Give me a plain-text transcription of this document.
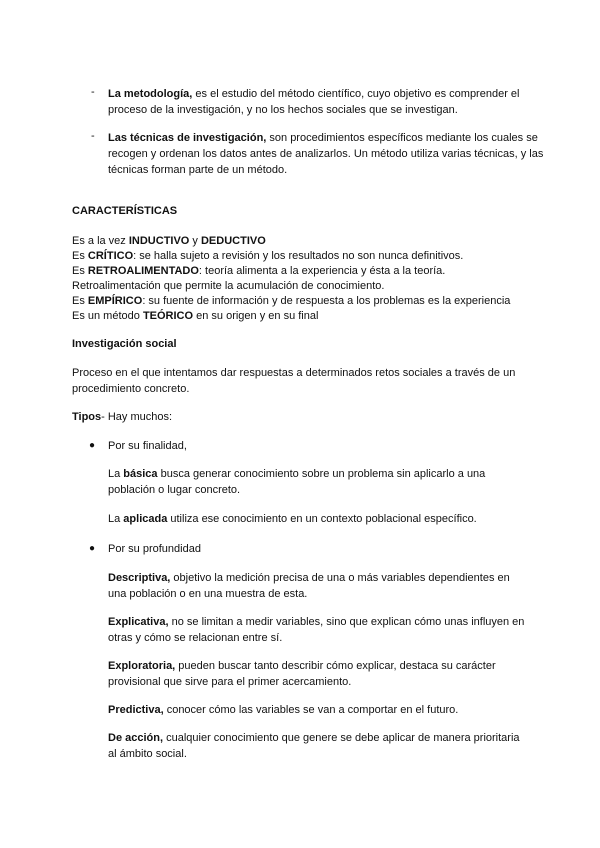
- La metodología, es el estudio del método científico, cuyo objetivo es comprender el proceso de la investigación, y no los hechos sociales que se investigan.
- Las técnicas de investigación, son procedimientos específicos mediante los cuales se recogen y ordenan los datos antes de analizarlos. Un método utiliza varias técnicas, y las técnicas forman parte de un método.
CARACTERÍSTICAS
Es a la vez INDUCTIVO y DEDUCTIVO
Es CRÍTICO: se halla sujeto a revisión y los resultados no son nunca definitivos.
Es RETROALIMENTADO: teoría alimenta a la experiencia y ésta a la teoría.
Retroalimentación que permite la acumulación de conocimiento.
Es EMPÍRICO: su fuente de información y de respuesta a los problemas es la experiencia
Es un método TEÓRICO en su origen y en su final
Investigación social
Proceso en el que intentamos dar respuestas a determinados retos sociales a través de un procedimiento concreto.
Tipos- Hay muchos:
● Por su finalidad,
La básica busca generar conocimiento sobre un problema sin aplicarlo a una población o lugar concreto.
La aplicada utiliza ese conocimiento en un contexto poblacional específico.
● Por su profundidad
Descriptiva, objetivo la medición precisa de una o más variables dependientes en una población o en una muestra de esta.
Explicativa, no se limitan a medir variables, sino que explican cómo unas influyen en otras y cómo se relacionan entre sí.
Exploratoria, pueden buscar tanto describir cómo explicar, destaca su carácter provisional que sirve para el primer acercamiento.
Predictiva, conocer cómo las variables se van a comportar en el futuro.
De acción, cualquier conocimiento que genere se debe aplicar de manera prioritaria al ámbito social.
